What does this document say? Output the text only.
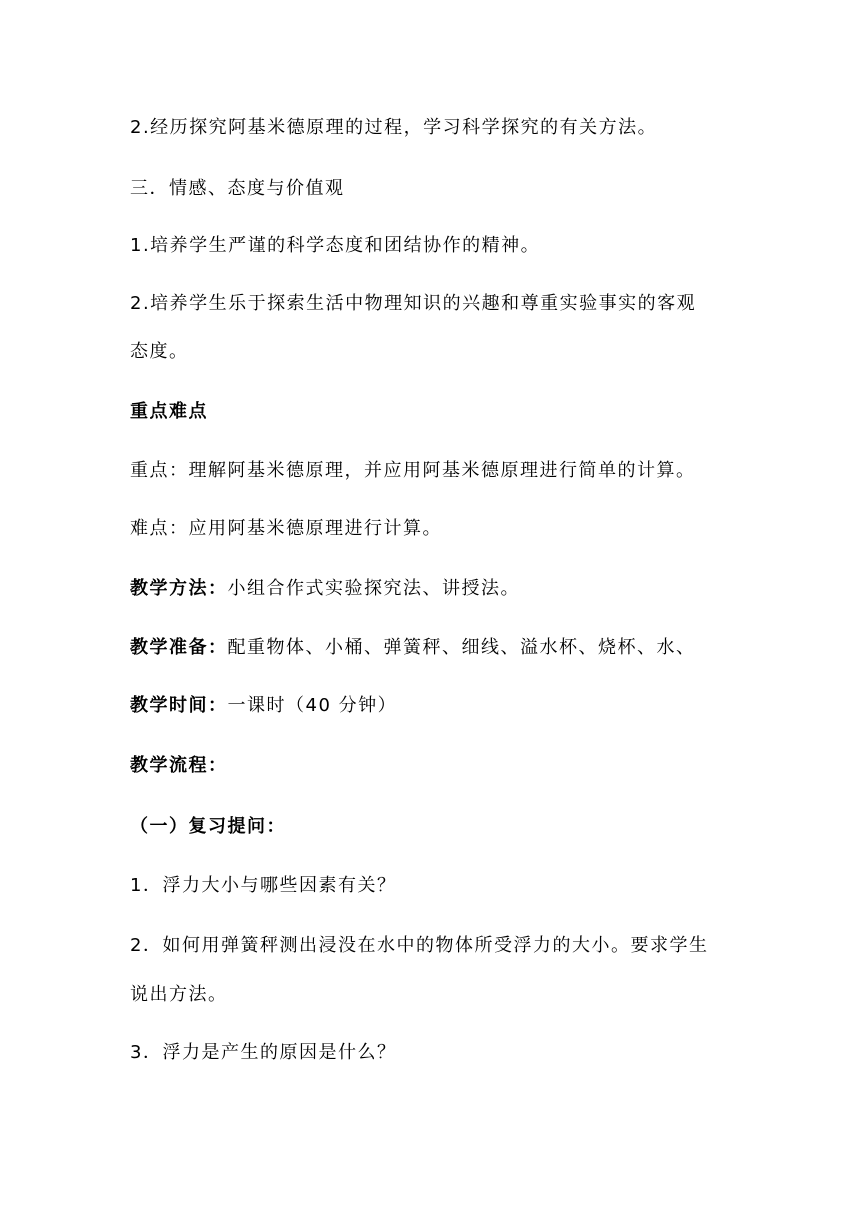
2.经历探究阿基米德原理的过程，学习科学探究的有关方法。
三．情感、态度与价值观
1.培养学生严谨的科学态度和团结协作的精神。
2.培养学生乐于探索生活中物理知识的兴趣和尊重实验事实的客观
态度。
重点难点
重点：理解阿基米德原理，并应用阿基米德原理进行简单的计算。
难点：应用阿基米德原理进行计算。
教学方法：小组合作式实验探究法、讲授法。
教学准备：配重物体、小桶、弹簧秤、细线、溢水杯、烧杯、水、
教学时间：一课时（40 分钟）
教学流程：
（一）复习提问：
1．浮力大小与哪些因素有关？
2．如何用弹簧秤测出浸没在水中的物体所受浮力的大小。要求学生
说出方法。
3．浮力是产生的原因是什么？
